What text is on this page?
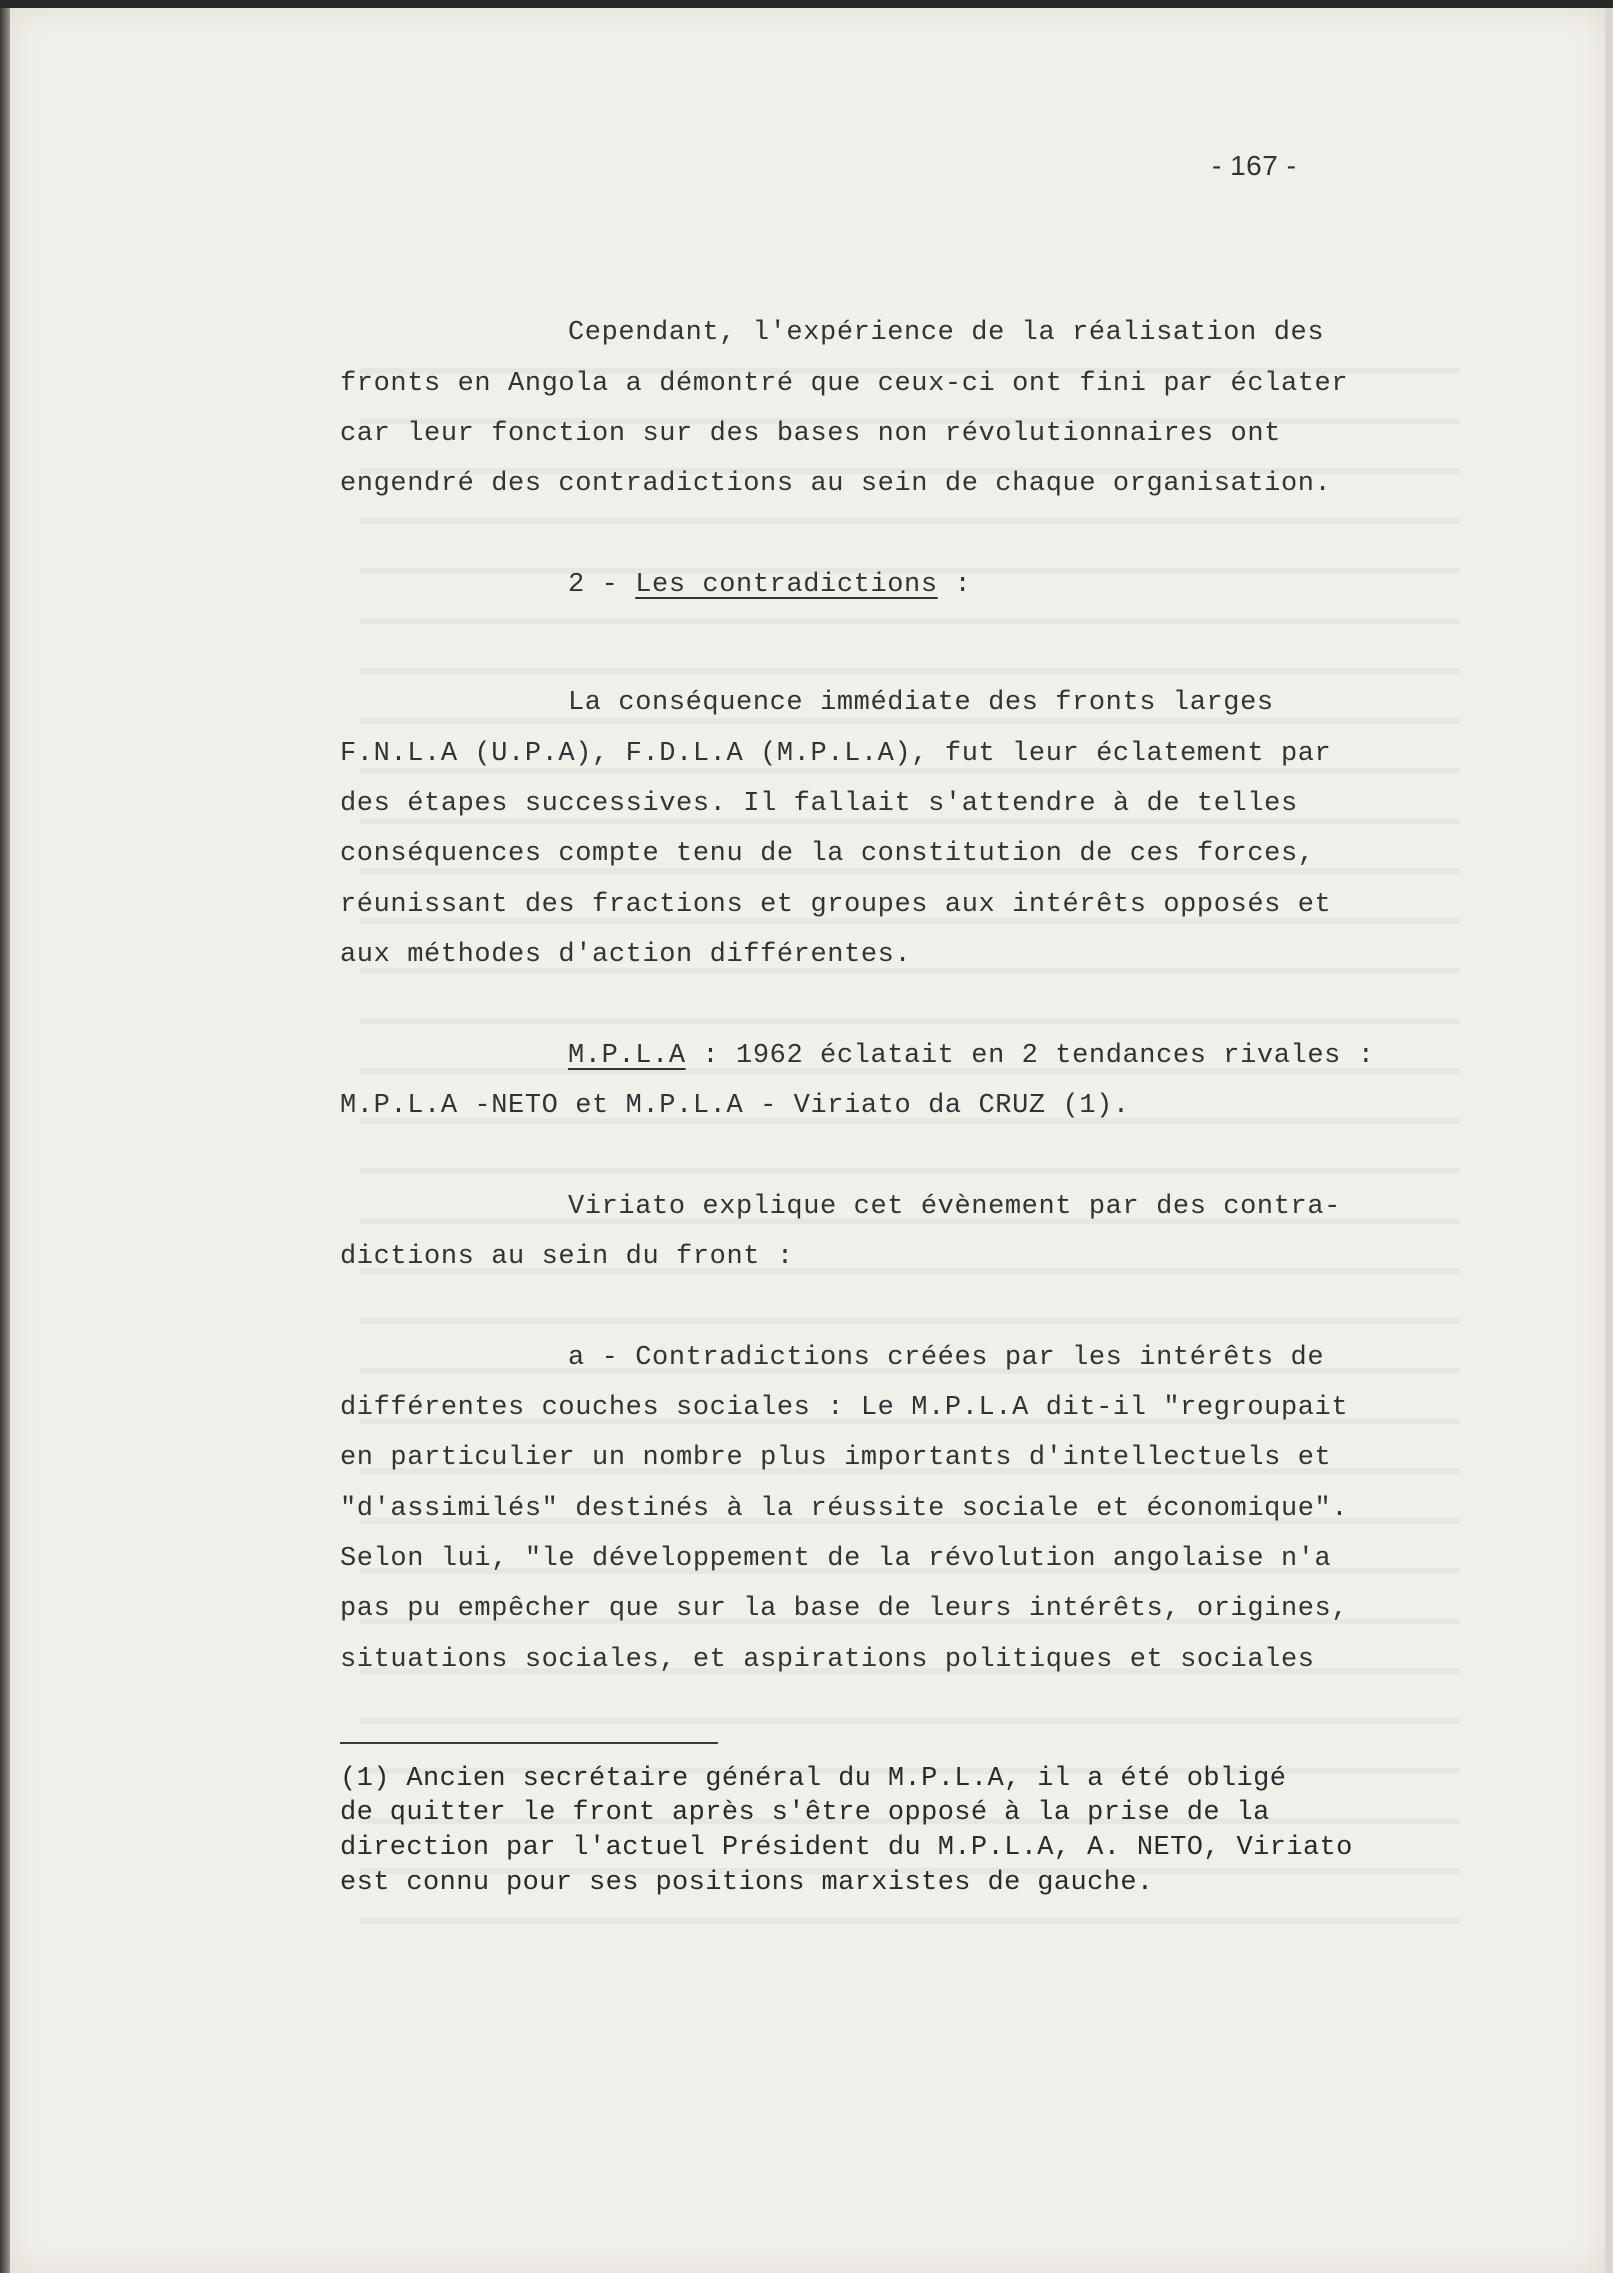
- 167 -
Cependant, l'expérience de la réalisation des
fronts en Angola a démontré que ceux-ci ont fini par éclater
car leur fonction sur des bases non révolutionnaires ont
engendré des contradictions au sein de chaque organisation.
2 - Les contradictions :
La conséquence immédiate des fronts larges
F.N.L.A (U.P.A), F.D.L.A (M.P.L.A), fut leur éclatement par
des étapes successives. Il fallait s'attendre à de telles
conséquences compte tenu de la constitution de ces forces,
réunissant des fractions et groupes aux intérêts opposés et
aux méthodes d'action différentes.
M.P.L.A : 1962 éclatait en 2 tendances rivales :
M.P.L.A -NETO et M.P.L.A - Viriato da CRUZ (1).
Viriato explique cet évènement par des contra-
dictions au sein du front :
a - Contradictions créées par les intérêts de
différentes couches sociales : Le M.P.L.A dit-il "regroupait
en particulier un nombre plus importants d'intellectuels et
"d'assimilés" destinés à la réussite sociale et économique".
Selon lui, "le développement de la révolution angolaise n'a
pas pu empêcher que sur la base de leurs intérêts, origines,
situations sociales, et aspirations politiques et sociales
(1) Ancien secrétaire général du M.P.L.A, il a été obligé
de quitter le front après s'être opposé à la prise de la
direction par l'actuel Président du M.P.L.A, A. NETO, Viriato
est connu pour ses positions marxistes de gauche.
